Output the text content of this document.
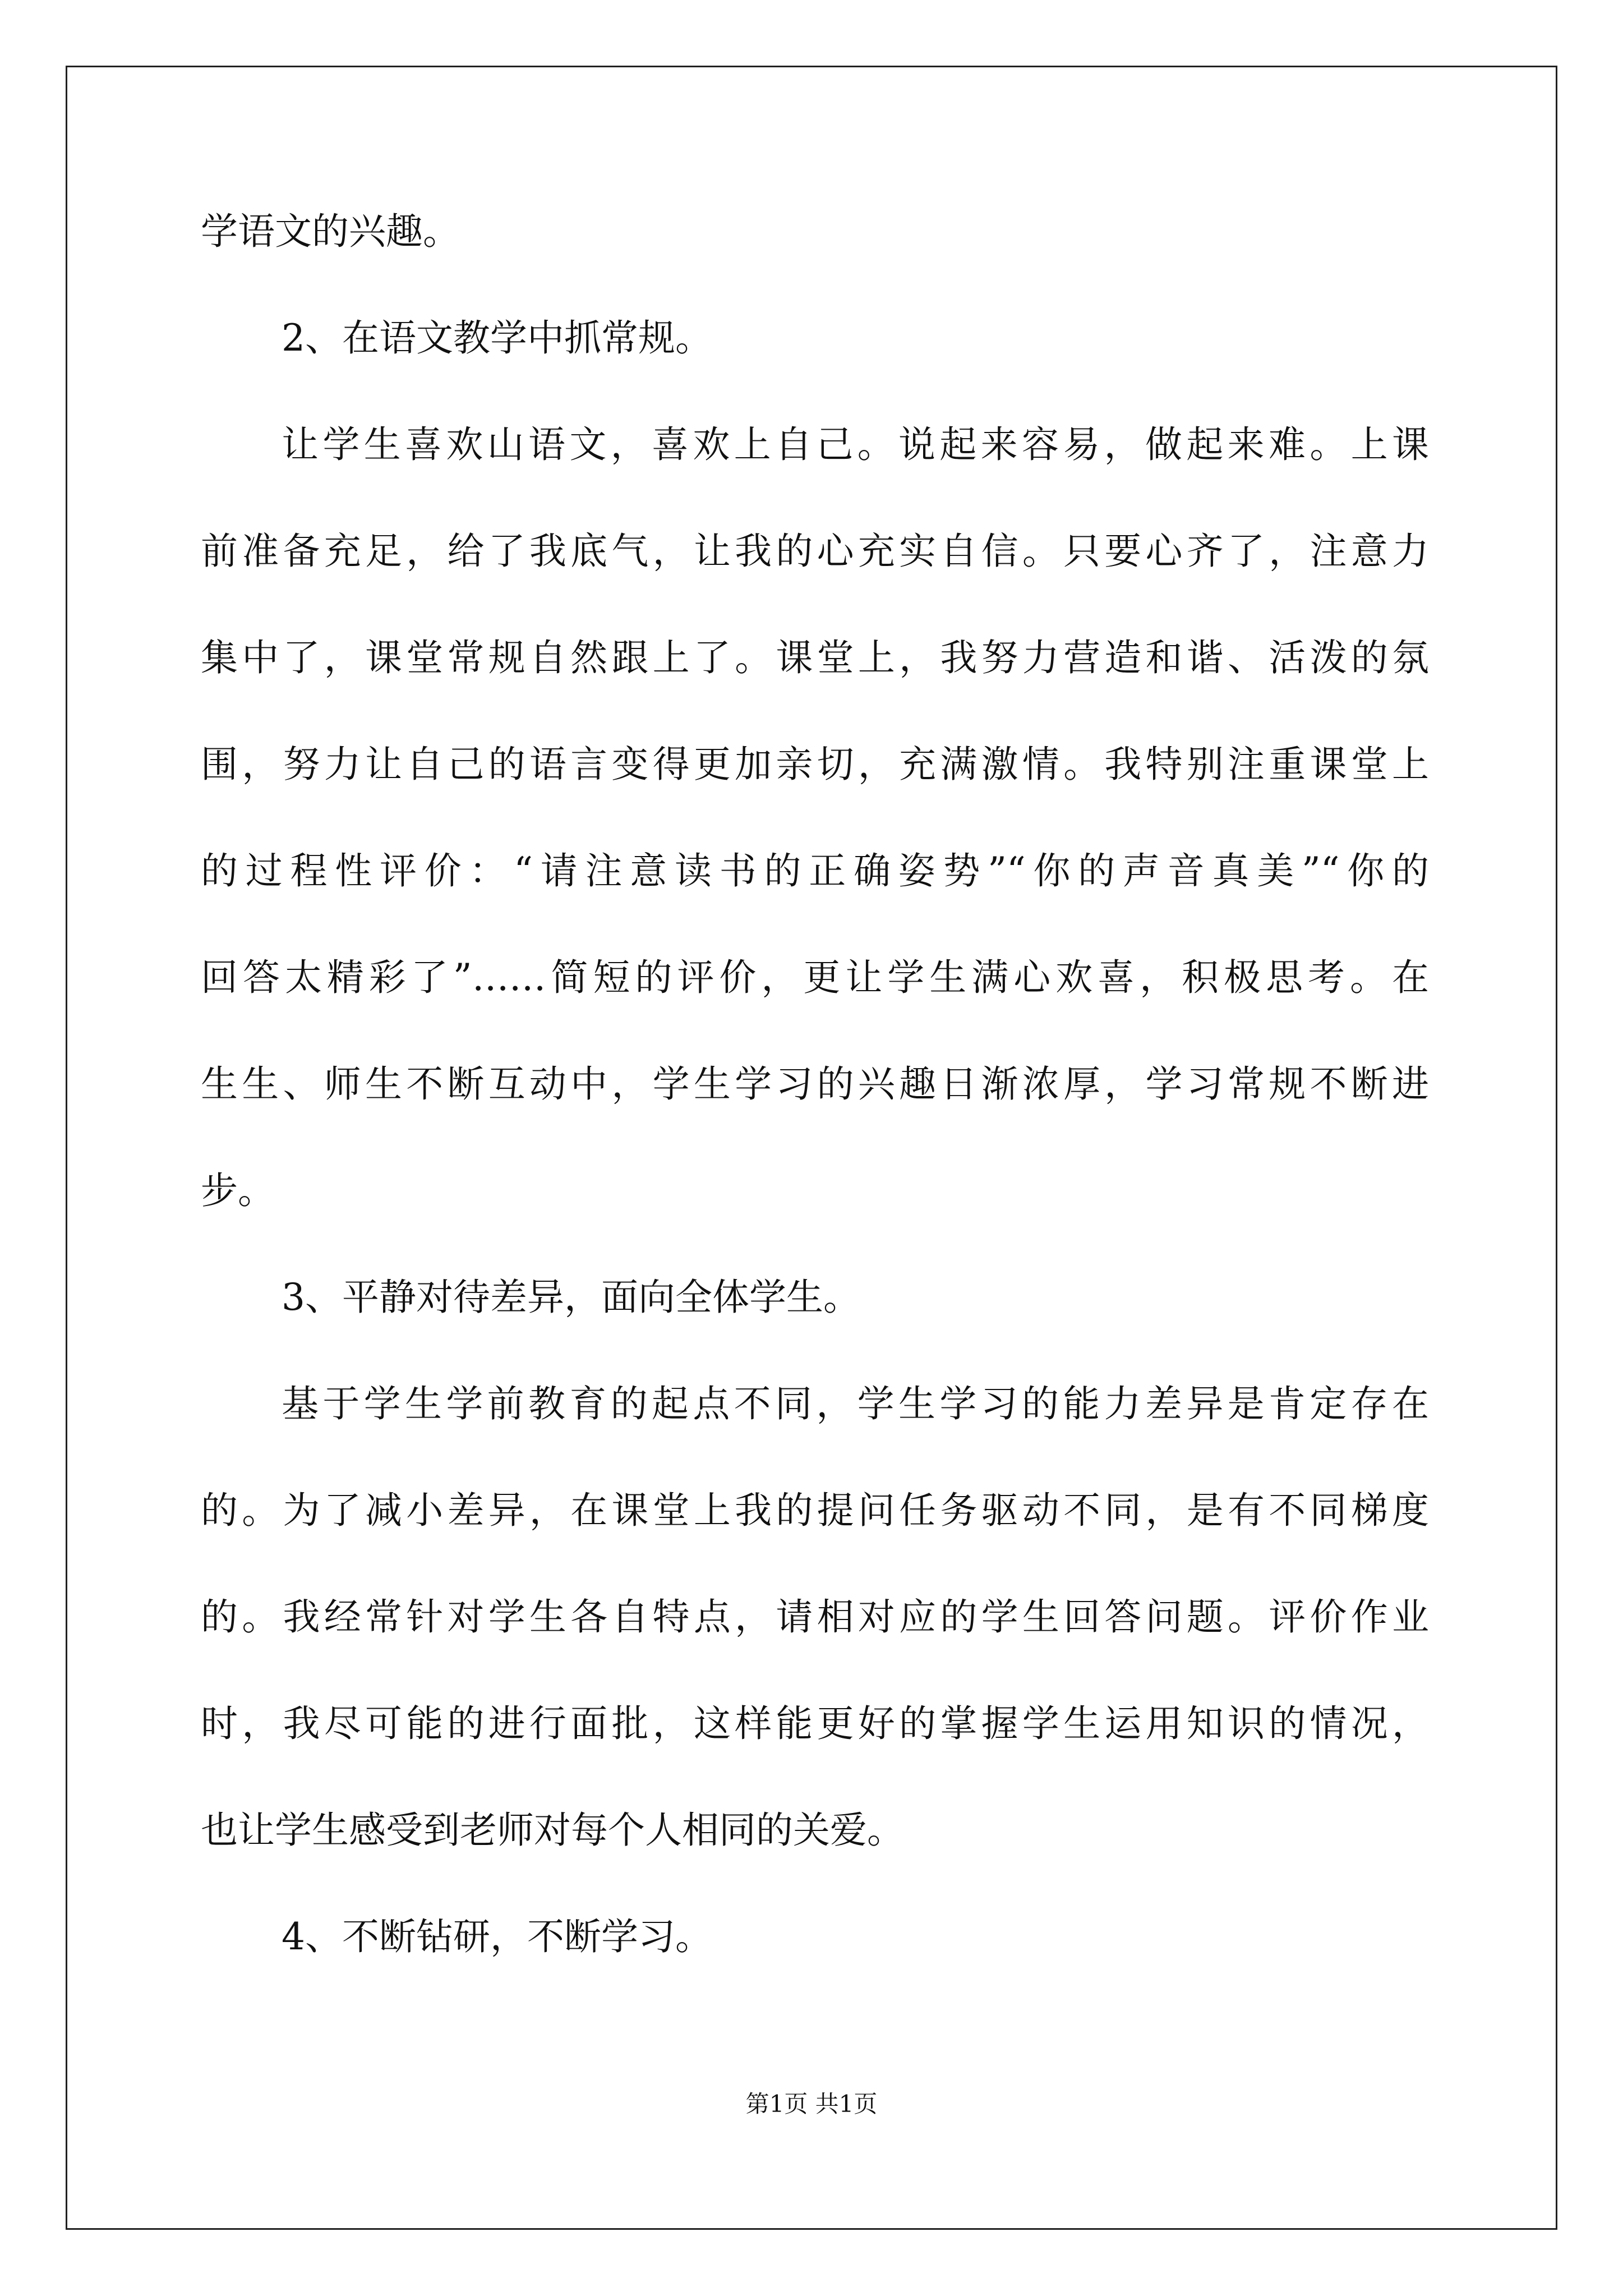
学语文的兴趣。
2、在语文教学中抓常规。
让学生喜欢山语文，喜欢上自己。说起来容易，做起来难。上课
前准备充足，给了我底气，让我的心充实自信。只要心齐了，注意力
集中了，课堂常规自然跟上了。课堂上，我努力营造和谐、活泼的氛
围，努力让自己的语言变得更加亲切，充满激情。我特别注重课堂上
的过程性评价：“请注意读书的正确姿势”“你的声音真美”“你的
回答太精彩了”……简短的评价，更让学生满心欢喜，积极思考。在
生生、师生不断互动中，学生学习的兴趣日渐浓厚，学习常规不断进
步。
3、平静对待差异，面向全体学生。
基于学生学前教育的起点不同，学生学习的能力差异是肯定存在
的。为了减小差异，在课堂上我的提问任务驱动不同，是有不同梯度
的。我经常针对学生各自特点，请相对应的学生回答问题。评价作业
时，我尽可能的进行面批，这样能更好的掌握学生运用知识的情况，
也让学生感受到老师对每个人相同的关爱。
4、不断钻研，不断学习。
第1页 共1页
